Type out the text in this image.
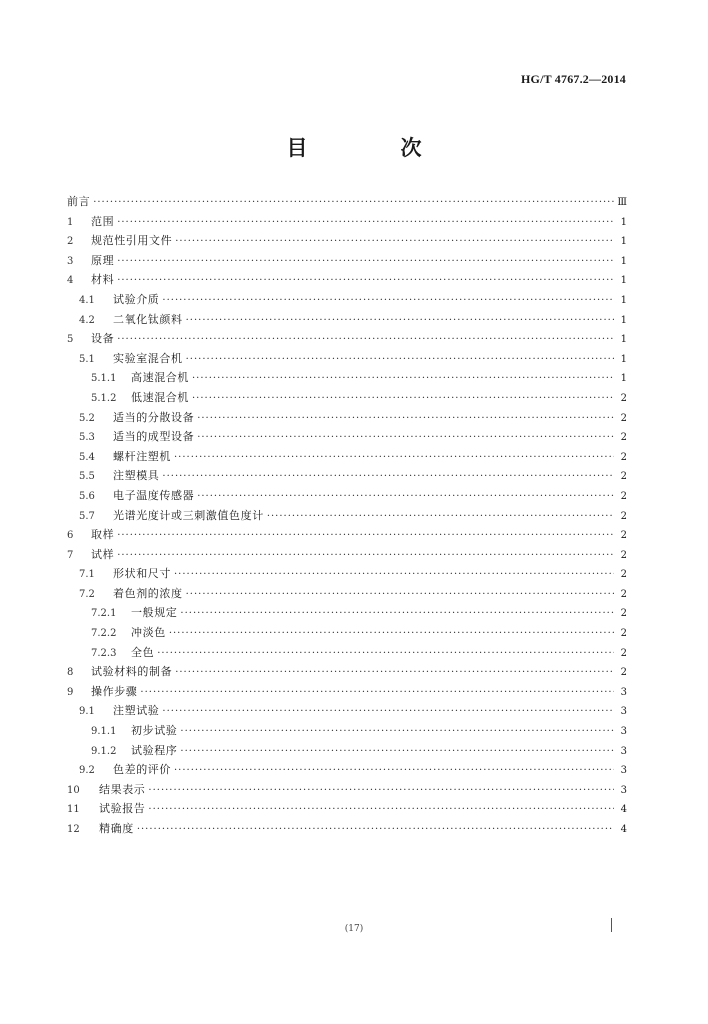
HG/T 4767.2—2014
目　次
前言 ·····	Ⅲ
1	范围 ·····	1
2	规范性引用文件 ·····	1
3	原理 ·····	1
4	材料 ·····	1
4.1	试验介质 ·····	1
4.2	二氧化钛颜料 ·····	1
5	设备 ·····	1
5.1	实验室混合机 ·····	1
5.1.1	高速混合机 ·····	1
5.1.2	低速混合机 ·····	2
5.2	适当的分散设备 ·····	2
5.3	适当的成型设备 ·····	2
5.4	螺杆注塑机 ·····	2
5.5	注塑模具 ·····	2
5.6	电子温度传感器 ·····	2
5.7	光谱光度计或三刺激值色度计 ·····	2
6	取样 ·····	2
7	试样 ·····	2
7.1	形状和尺寸 ·····	2
7.2	着色剂的浓度 ·····	2
7.2.1	一般规定 ·····	2
7.2.2	冲淡色 ·····	2
7.2.3	全色 ·····	2
8	试验材料的制备 ·····	2
9	操作步骤 ·····	3
9.1	注塑试验 ·····	3
9.1.1	初步试验 ·····	3
9.1.2	试验程序 ·····	3
9.2	色差的评价 ·····	3
10	结果表示 ·····	3
11	试验报告 ·····	4
12	精确度 ·····	4
(17)
